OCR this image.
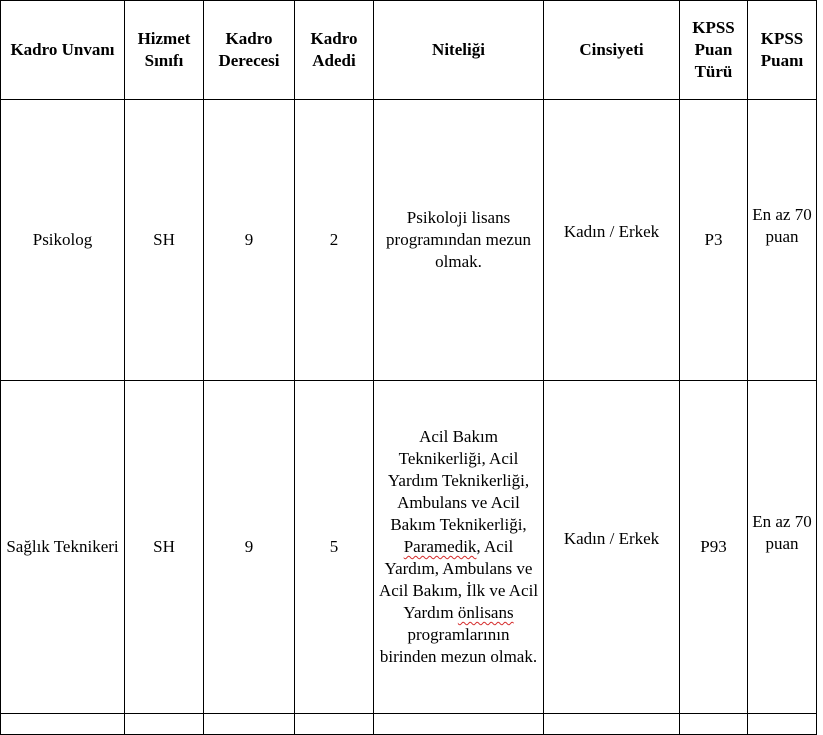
Kadro Unvanı	Hizmet Sınıfı	Kadro Derecesi	Kadro Adedi	Niteliği	Cinsiyeti	KPSS Puan Türü	KPSS Puanı
Psikolog	SH	9	2	Psikoloji lisans programından mezun olmak.	Kadın / Erkek	P3	En az 70 puan
Sağlık Teknikeri	SH	9	5	Acil Bakım Teknikerliği, Acil Yardım Teknikerliği, Ambulans ve Acil Bakım Teknikerliği, Paramedik, Acil Yardım, Ambulans ve Acil Bakım, İlk ve Acil Yardım önlisans programlarının birinden mezun olmak.	Kadın / Erkek	P93	En az 70 puan
